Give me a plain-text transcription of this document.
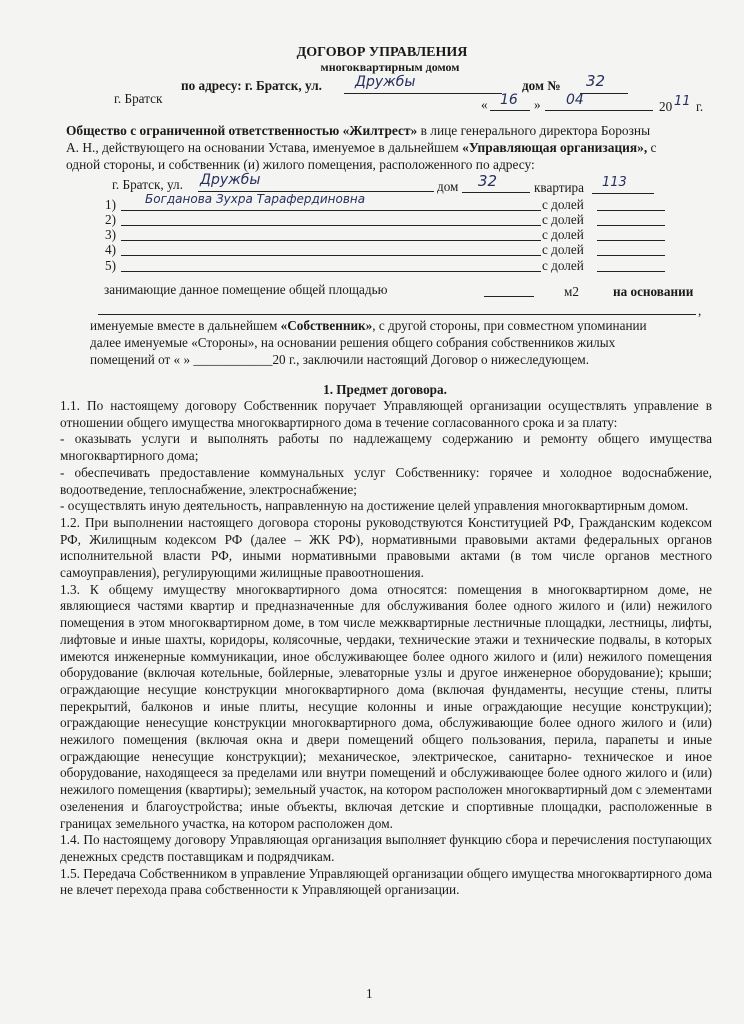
ДОГОВОР УПРАВЛЕНИЯ
многоквартирным домом
по адресу: г. Братск, ул. Дружбы	дом № 32
г. Братск	« 16 » 04	20 11 г.
Общество с ограниченной ответственностью «Жилтрест» в лице генерального директора Борозны
А. Н., действующего на основании Устава, именуемое в дальнейшем «Управляющая организация», с
одной стороны, и собственник (и) жилого помещения, расположенного по адресу:
г. Братск, ул. Дружбы	дом 32	квартира 113
1) Богданова Зухра Тарафердиновна	с долей
2)	с долей
3)	с долей
4)	с долей
5)	с долей
занимающие данное помещение общей площадью	м2	на основании
,
именуемые вместе в дальнейшем «Собственник», с другой стороны, при совместном упоминании
далее именуемые «Стороны», на основании решения общего собрания собственников жилых
помещений от « » ____________20 г., заключили настоящий Договор о нижеследующем.
1. Предмет договора.

1.1. По настоящему договору Собственник поручает Управляющей организации осуществлять управление в отношении общего имущества многоквартирного дома в течение согласованного срока и за плату:

- оказывать услуги и выполнять работы по надлежащему содержанию и ремонту общего имущества многоквартирного дома;

- обеспечивать предоставление коммунальных услуг Собственнику: горячее и холодное водоснабжение, водоотведение, теплоснабжение, электроснабжение;

- осуществлять иную деятельность, направленную на достижение целей управления многоквартирным домом.

1.2. При выполнении настоящего договора стороны руководствуются Конституцией РФ, Гражданским кодексом РФ, Жилищным кодексом РФ (далее – ЖК РФ), нормативными правовыми актами федеральных органов исполнительной власти РФ, иными нормативными правовыми актами (в том числе органов местного самоуправления), регулирующими жилищные правоотношения.

1.3. К общему имуществу многоквартирного дома относятся: помещения в многоквартирном доме, не являющиеся частями квартир и предназначенные для обслуживания более одного жилого и (или) нежилого помещения в этом многоквартирном доме, в том числе межквартирные лестничные площадки, лестницы, лифты, лифтовые и иные шахты, коридоры, колясочные, чердаки, технические этажи и технические подвалы, в которых имеются инженерные коммуникации, иное обслуживающее более одного жилого и (или) нежилого помещения оборудование (включая котельные, бойлерные, элеваторные узлы и другое инженерное оборудование); крыши; ограждающие несущие конструкции многоквартирного дома (включая фундаменты, несущие стены, плиты перекрытий, балконов и иные плиты, несущие колонны и иные ограждающие несущие конструкции); ограждающие ненесущие конструкции многоквартирного дома, обслуживающие более одного жилого и (или) нежилого помещения (включая окна и двери помещений общего пользования, перила, парапеты и иные ограждающие ненесущие конструкции); механическое, электрическое, санитарно- техническое и иное оборудование, находящееся за пределами или внутри помещений и обслуживающее более одного жилого и (или) нежилого помещения (квартиры); земельный участок, на котором расположен многоквартирный дом с элементами озеленения и благоустройства; иные объекты, включая детские и спортивные площадки, расположенные в границах земельного участка, на котором расположен дом.

1.4. По настоящему договору Управляющая организация выполняет функцию сбора и перечисления поступающих денежных средств поставщикам и подрядчикам.

1.5. Передача Собственником в управление Управляющей организации общего имущества многоквартирного дома не влечет перехода права собственности к Управляющей организации.

1
